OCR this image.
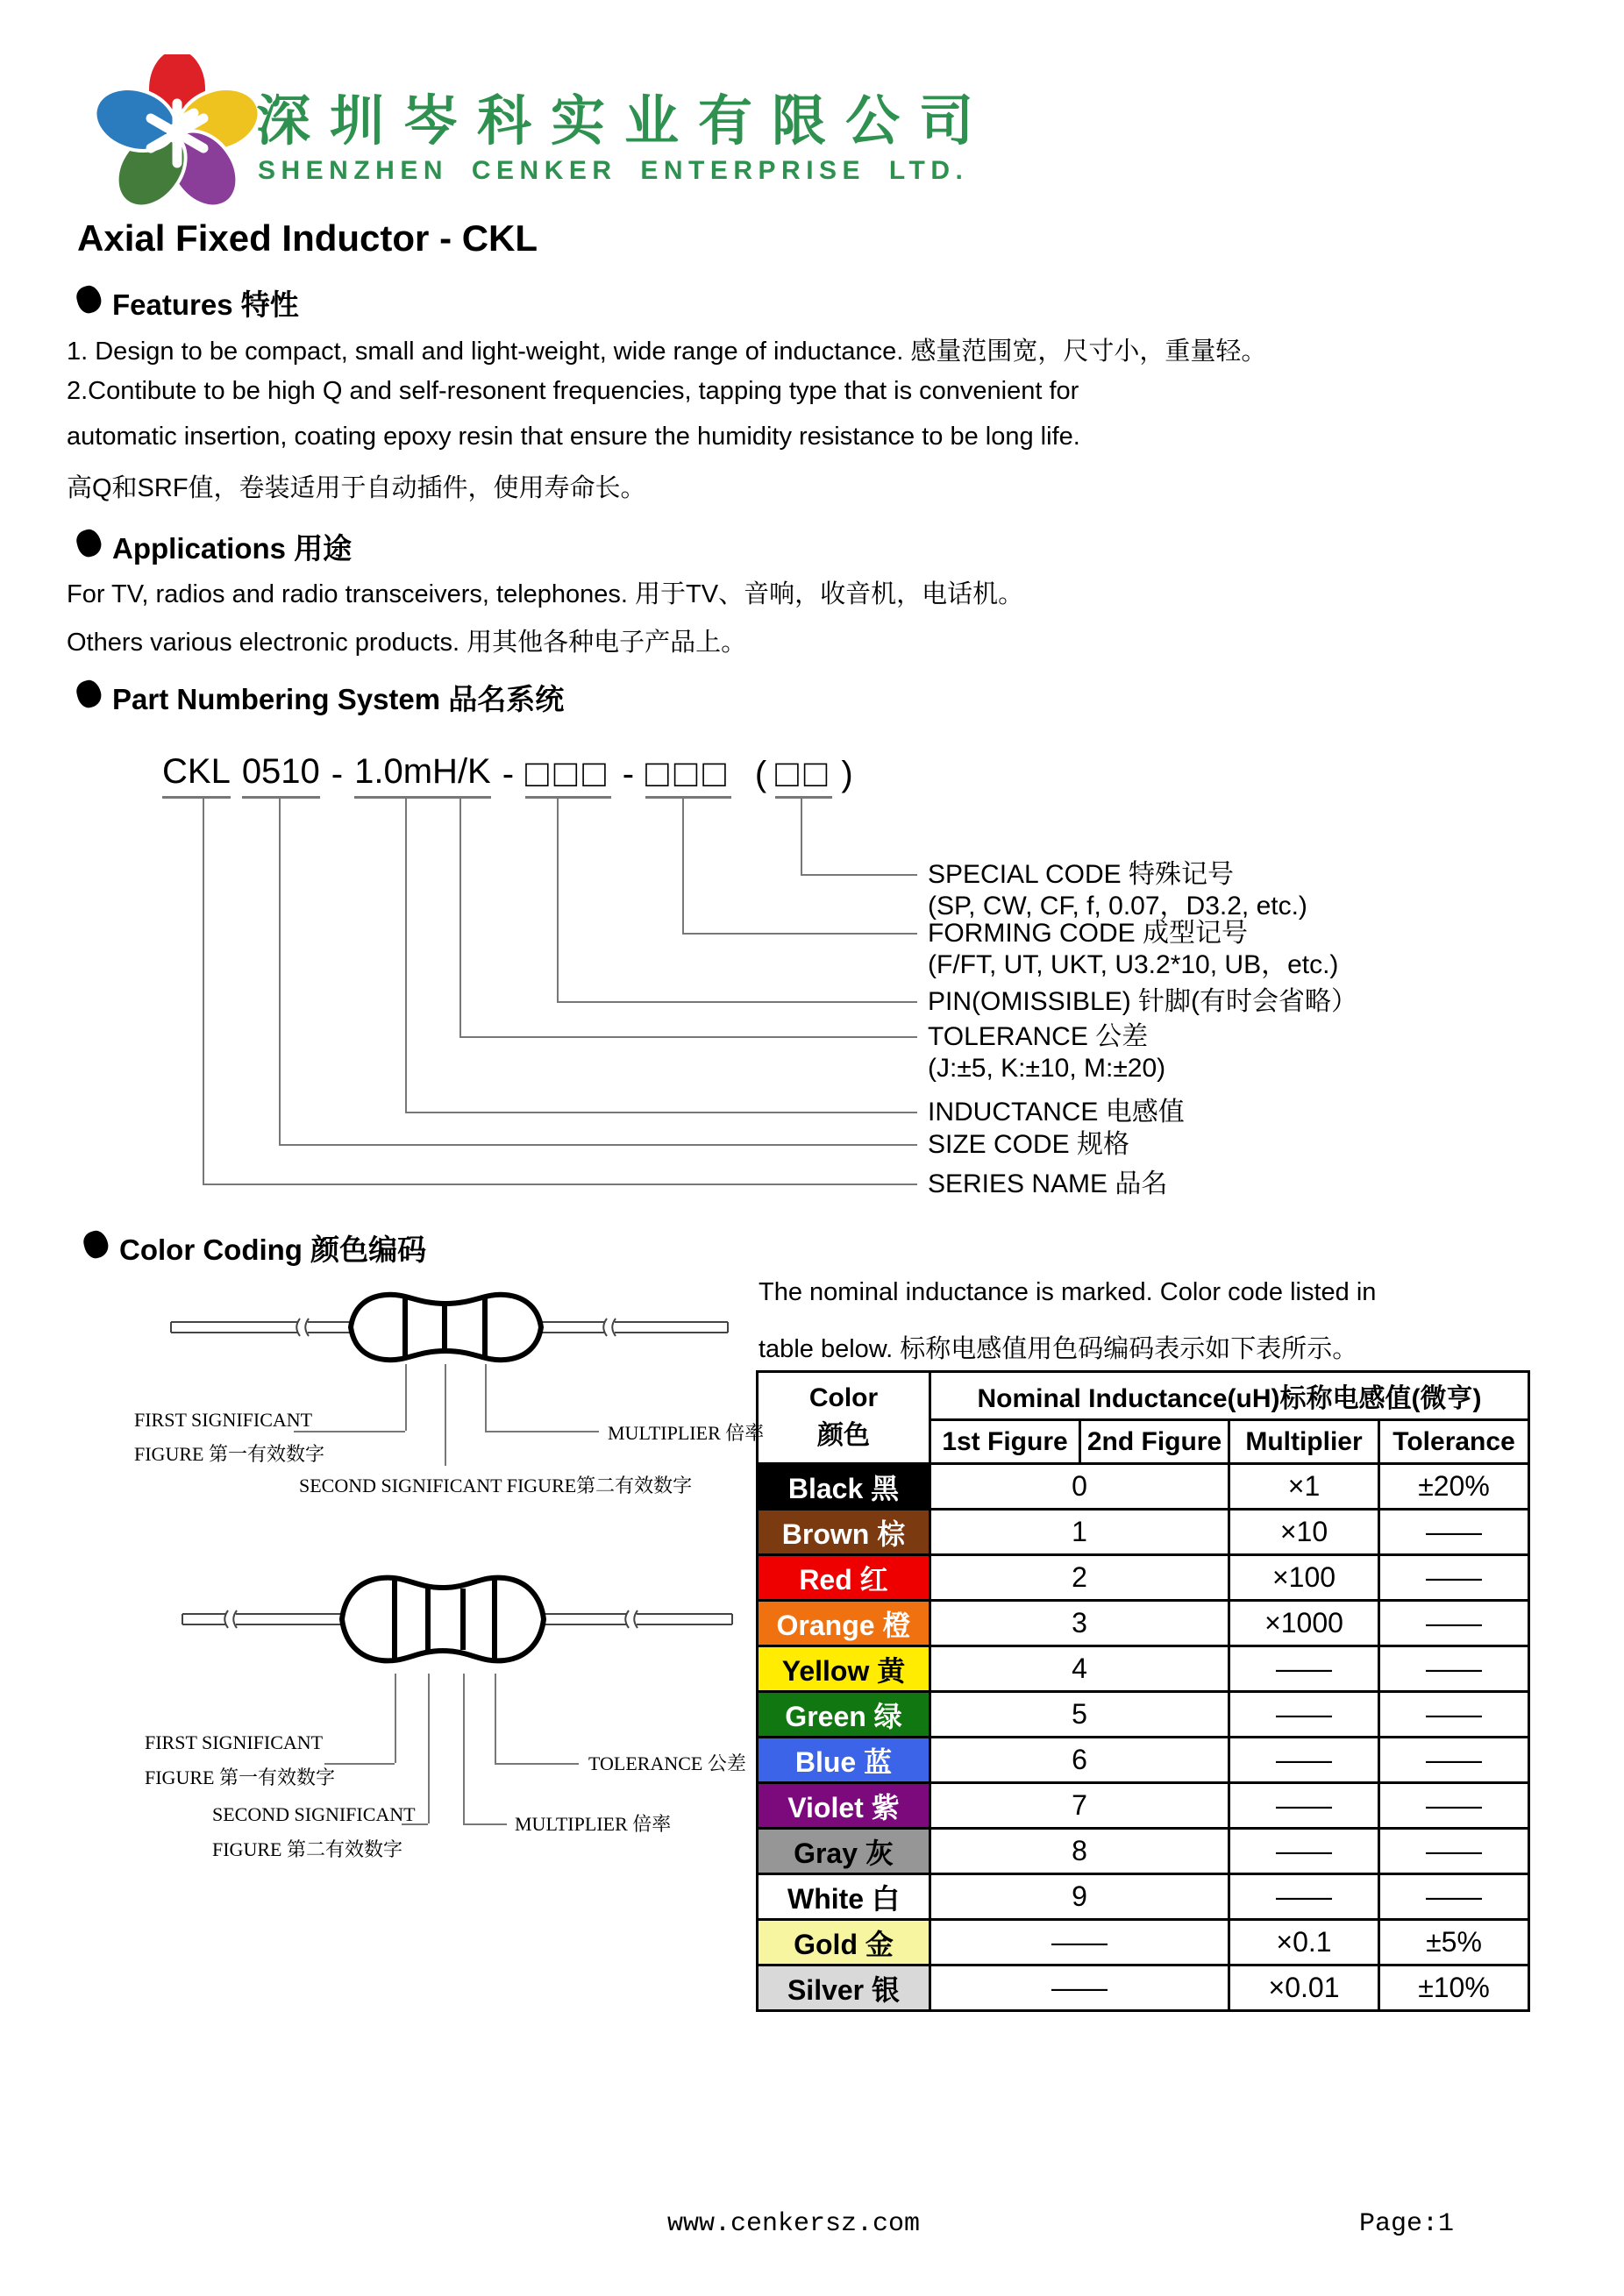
深圳岑科实业有限公司
SHENZHEN CENKER ENTERPRISE LTD.
Axial Fixed Inductor - CKL
Features 特性
1. Design to be compact, small and light-weight, wide range of inductance. 感量范围宽，尺寸小，重量轻。
2.Contibute to be high Q and self-resonent frequencies, tapping type that is convenient for
automatic insertion, coating epoxy resin that ensure the humidity resistance to be long life.
高Q和SRF值，卷装适用于自动插件，使用寿命长。
Applications 用途
For TV, radios and radio transceivers, telephones. 用于TV、音响，收音机，电话机。
Others various electronic products. 用其他各种电子产品上。
Part Numbering System 品名系统
CKL 0510 - 1.0mH /K - □□□ - □□□ ( □□ )
SPECIAL CODE 特殊记号
(SP, CW, CF, f, 0.07，D3.2, etc.)
FORMING CODE 成型记号
(F/FT, UT, UKT, U3.2*10, UB，etc.)
PIN(OMISSIBLE) 针脚(有时会省略）
TOLERANCE 公差
(J:±5, K:±10, M:±20)
INDUCTANCE 电感值
SIZE CODE 规格
SERIES NAME 品名
Color Coding 颜色编码
FIRST SIGNIFICANT
FIGURE 第一有效数字
SECOND SIGNIFICANT FIGURE第二有效数字
MULTIPLIER 倍率
The nominal inductance is marked. Color code listed in
table below. 标称电感值用色码编码表示如下表所示。
FIRST SIGNIFICANT
FIGURE 第一有效数字
SECOND SIGNIFICANT
FIGURE 第二有效数字
MULTIPLIER 倍率
TOLERANCE 公差
Color
颜色	Nominal Inductance(uH)标称电感值(微亨)			
	1st Figure	2nd Figure	Multiplier	Tolerance
Black 黑	0		×1	±20%
Brown 棕	1		×10	——
Red 红	2		×100	——
Orange 橙	3		×1000	——
Yellow 黄	4		——	——
Green 绿	5		——	——
Blue 蓝	6		——	——
Violet 紫	7		——	——
Gray 灰	8		——	——
White 白	9		——	——
Gold 金	——		×0.1	±5%
Silver 银	——		×0.01	±10%
www.cenkersz.com	Page:1
